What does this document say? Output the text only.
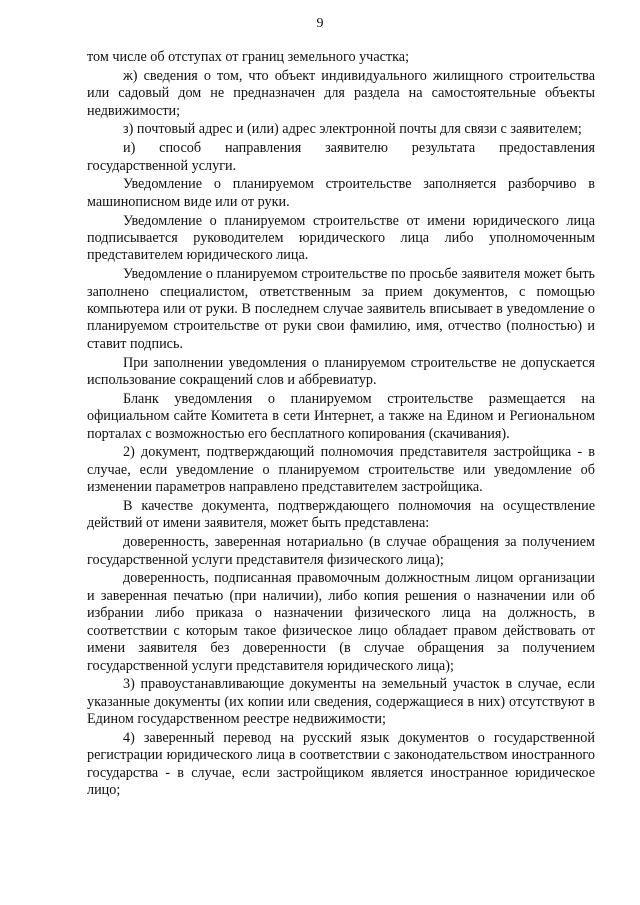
9

том числе об отступах от границ земельного участка;

ж) сведения о том, что объект индивидуального жилищного строительства или садовый дом не предназначен для раздела на самостоятельные объекты недвижимости;

з) почтовый адрес и (или) адрес электронной почты для связи с заявителем;

и) способ направления заявителю результата предоставления государственной услуги.

Уведомление о планируемом строительстве заполняется разборчиво в машинописном виде или от руки.

Уведомление о планируемом строительстве от имени юридического лица подписывается руководителем юридического лица либо уполномоченным представителем юридического лица.

Уведомление о планируемом строительстве по просьбе заявителя может быть заполнено специалистом, ответственным за прием документов, с помощью компьютера или от руки. В последнем случае заявитель вписывает в уведомление о планируемом строительстве от руки свои фамилию, имя, отчество (полностью) и ставит подпись.

При заполнении уведомления о планируемом строительстве не допускается использование сокращений слов и аббревиатур.

Бланк уведомления о планируемом строительстве размещается на официальном сайте Комитета в сети Интернет, а также на Едином и Региональном порталах с возможностью его бесплатного копирования (скачивания).

2) документ, подтверждающий полномочия представителя застройщика - в случае, если уведомление о планируемом строительстве или уведомление об изменении параметров направлено представителем застройщика.

В качестве документа, подтверждающего полномочия на осуществление действий от имени заявителя, может быть представлена:

доверенность, заверенная нотариально (в случае обращения за получением государственной услуги представителя физического лица);

доверенность, подписанная правомочным должностным лицом организации и заверенная печатью (при наличии), либо копия решения о назначении или об избрании либо приказа о назначении физического лица на должность, в соответствии с которым такое физическое лицо обладает правом действовать от имени заявителя без доверенности (в случае обращения за получением государственной услуги представителя юридического лица);

3) правоустанавливающие документы на земельный участок в случае, если указанные документы (их копии или сведения, содержащиеся в них) отсутствуют в Едином государственном реестре недвижимости;

4) заверенный перевод на русский язык документов о государственной регистрации юридического лица в соответствии с законодательством иностранного государства - в случае, если застройщиком является иностранное юридическое лицо;
